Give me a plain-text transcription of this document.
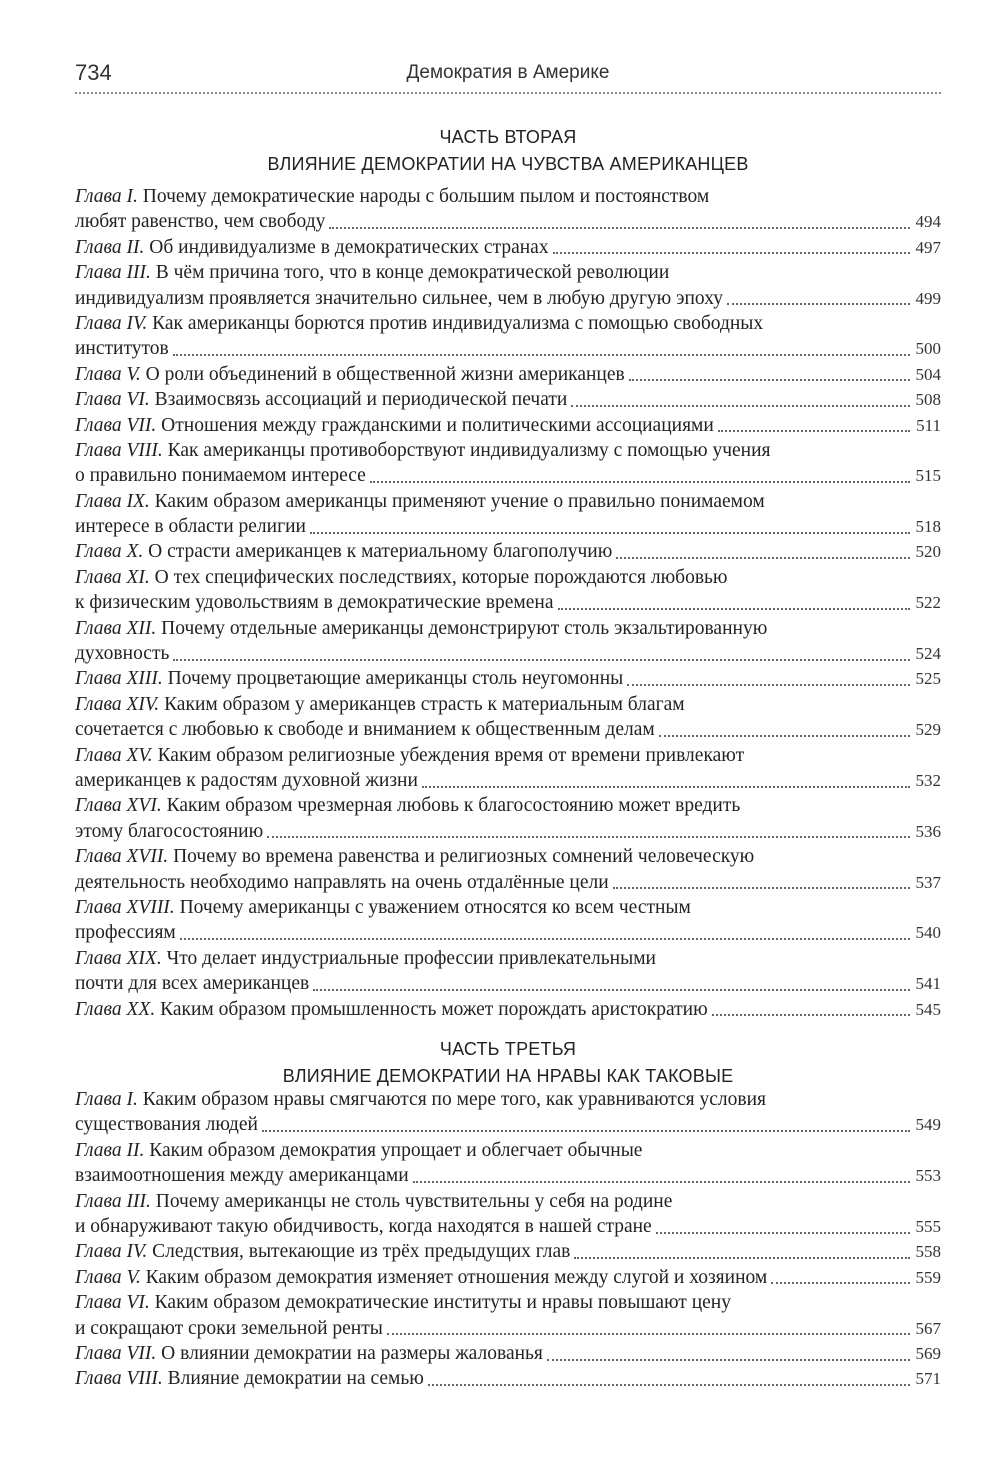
734	Демократия в Америке
ЧАСТЬ ВТОРАЯ
ВЛИЯНИЕ ДЕМОКРАТИИ НА ЧУВСТВА АМЕРИКАНЦЕВ
Глава I. Почему демократические народы с большим пылом и постоянством
любят равенство, чем свободу	494
Глава II. Об индивидуализме в демократических странах	497
Глава III. В чём причина того, что в конце демократической революции
индивидуализм проявляется значительно сильнее, чем в любую другую эпоху	499
Глава IV. Как американцы борются против индивидуализма с помощью свободных
институтов	500
Глава V. О роли объединений в общественной жизни американцев	504
Глава VI. Взаимосвязь ассоциаций и периодической печати	508
Глава VII. Отношения между гражданскими и политическими ассоциациями	511
Глава VIII. Как американцы противоборствуют индивидуализму с помощью учения
о правильно понимаемом интересе	515
Глава IX. Каким образом американцы применяют учение о правильно понимаемом
интересе в области религии	518
Глава X. О страсти американцев к материальному благополучию	520
Глава XI. О тех специфических последствиях, которые порождаются любовью
к физическим удовольствиям в демократические времена	522
Глава XII. Почему отдельные американцы демонстрируют столь экзальтированную
духовность	524
Глава XIII. Почему процветающие американцы столь неугомонны	525
Глава XIV. Каким образом у американцев страсть к материальным благам
сочетается с любовью к свободе и вниманием к общественным делам	529
Глава XV. Каким образом религиозные убеждения время от времени привлекают
американцев к радостям духовной жизни	532
Глава XVI. Каким образом чрезмерная любовь к благосостоянию может вредить
этому благосостоянию	536
Глава XVII. Почему во времена равенства и религиозных сомнений человеческую
деятельность необходимо направлять на очень отдалённые цели	537
Глава XVIII. Почему американцы с уважением относятся ко всем честным
профессиям	540
Глава XIX. Что делает индустриальные профессии привлекательными
почти для всех американцев	541
Глава XX. Каким образом промышленность может порождать аристократию	545
ЧАСТЬ ТРЕТЬЯ
ВЛИЯНИЕ ДЕМОКРАТИИ НА НРАВЫ КАК ТАКОВЫЕ
Глава I. Каким образом нравы смягчаются по мере того, как уравниваются условия
существования людей	549
Глава II. Каким образом демократия упрощает и облегчает обычные
взаимоотношения между американцами	553
Глава III. Почему американцы не столь чувствительны у себя на родине
и обнаруживают такую обидчивость, когда находятся в нашей стране	555
Глава IV. Следствия, вытекающие из трёх предыдущих глав	558
Глава V. Каким образом демократия изменяет отношения между слугой и хозяином	559
Глава VI. Каким образом демократические институты и нравы повышают цену
и сокращают сроки земельной ренты	567
Глава VII. О влиянии демократии на размеры жалованья	569
Глава VIII. Влияние демократии на семью	571
